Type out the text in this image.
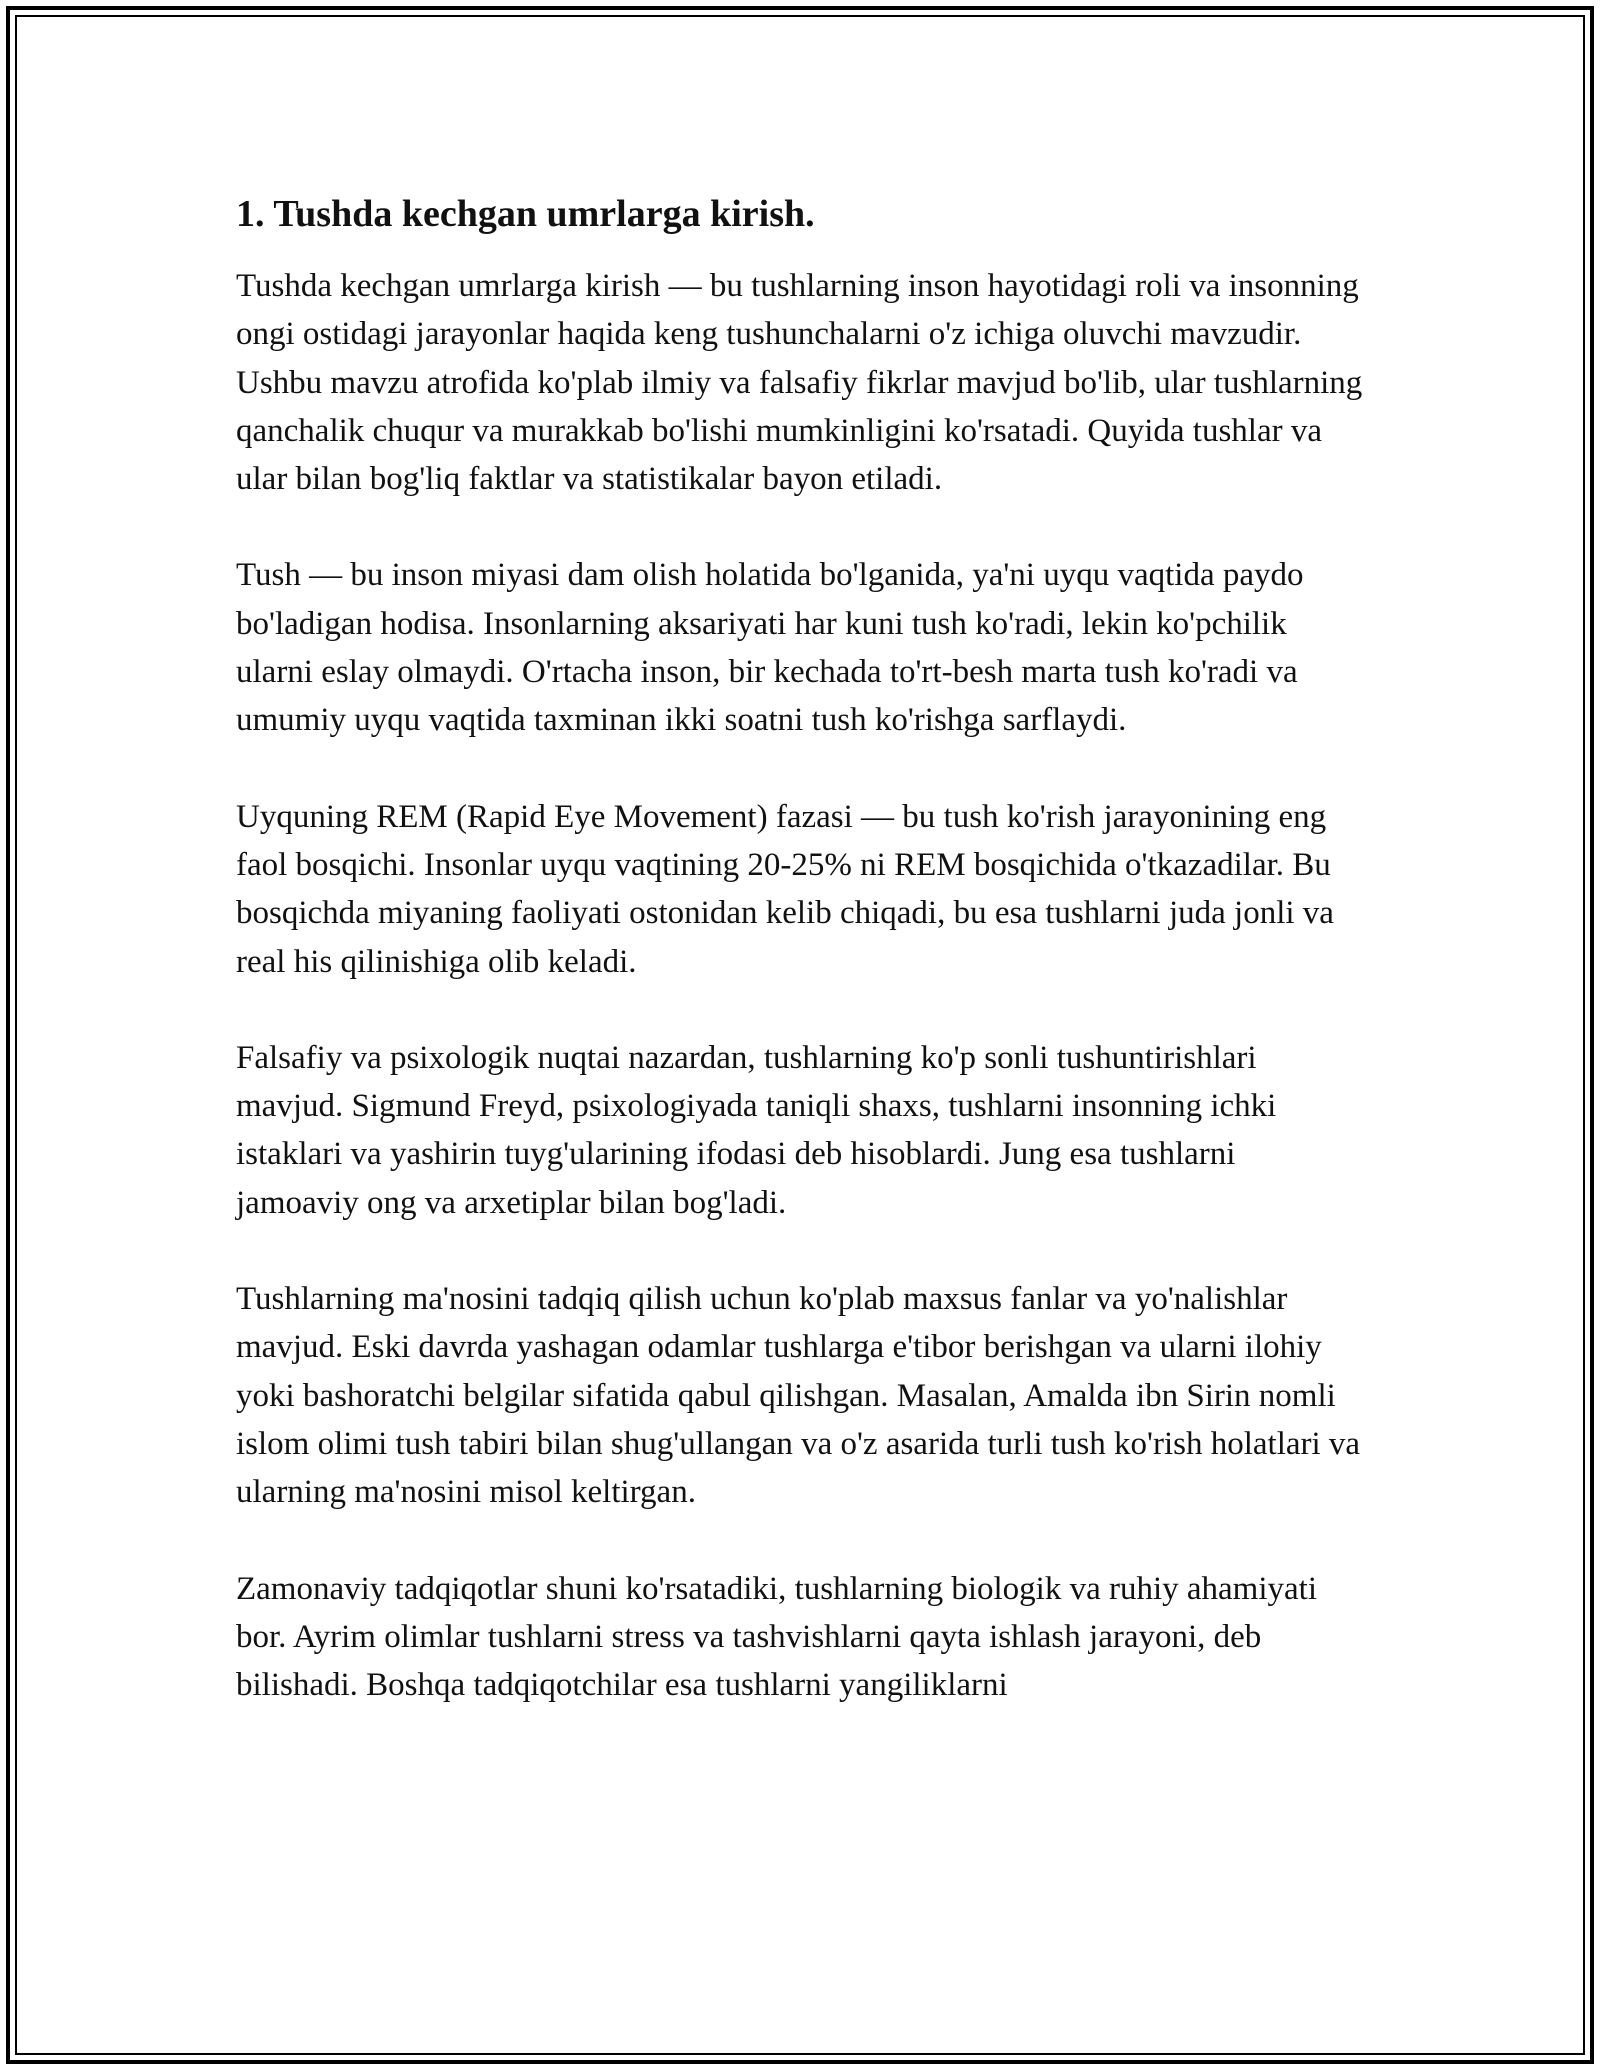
1. Tushda kechgan umrlarga kirish.

Tushda kechgan umrlarga kirish — bu tushlarning inson hayotidagi roli va insonning ongi ostidagi jarayonlar haqida keng tushunchalarni o'z ichiga oluvchi mavzudir. Ushbu mavzu atrofida ko'plab ilmiy va falsafiy fikrlar mavjud bo'lib, ular tushlarning qanchalik chuqur va murakkab bo'lishi mumkinligini ko'rsatadi. Quyida tushlar va ular bilan bog'liq faktlar va statistikalar bayon etiladi.

Tush — bu inson miyasi dam olish holatida bo'lganida, ya'ni uyqu vaqtida paydo bo'ladigan hodisa. Insonlarning aksariyati har kuni tush ko'radi, lekin ko'pchilik ularni eslay olmaydi. O'rtacha inson, bir kechada to'rt-besh marta tush ko'radi va umumiy uyqu vaqtida taxminan ikki soatni tush ko'rishga sarflaydi.

Uyquning REM (Rapid Eye Movement) fazasi — bu tush ko'rish jarayonining eng faol bosqichi. Insonlar uyqu vaqtining 20-25% ni REM bosqichida o'tkazadilar. Bu bosqichda miyaning faoliyati ostonidan kelib chiqadi, bu esa tushlarni juda jonli va real his qilinishiga olib keladi.

Falsafiy va psixologik nuqtai nazardan, tushlarning ko'p sonli tushuntirishlari mavjud. Sigmund Freyd, psixologiyada taniqli shaxs, tushlarni insonning ichki istaklari va yashirin tuyg'ularining ifodasi deb hisoblardi. Jung esa tushlarni jamoaviy ong va arxetiplar bilan bog'ladi.

Tushlarning ma'nosini tadqiq qilish uchun ko'plab maxsus fanlar va yo'nalishlar mavjud. Eski davrda yashagan odamlar tushlarga e'tibor berishgan va ularni ilohiy yoki bashoratchi belgilar sifatida qabul qilishgan. Masalan, Amalda ibn Sirin nomli islom olimi tush tabiri bilan shug'ullangan va o'z asarida turli tush ko'rish holatlari va ularning ma'nosini misol keltirgan.

Zamonaviy tadqiqotlar shuni ko'rsatadiki, tushlarning biologik va ruhiy ahamiyati bor. Ayrim olimlar tushlarni stress va tashvishlarni qayta ishlash jarayoni, deb bilishadi. Boshqa tadqiqotchilar esa tushlarni yangiliklarni
